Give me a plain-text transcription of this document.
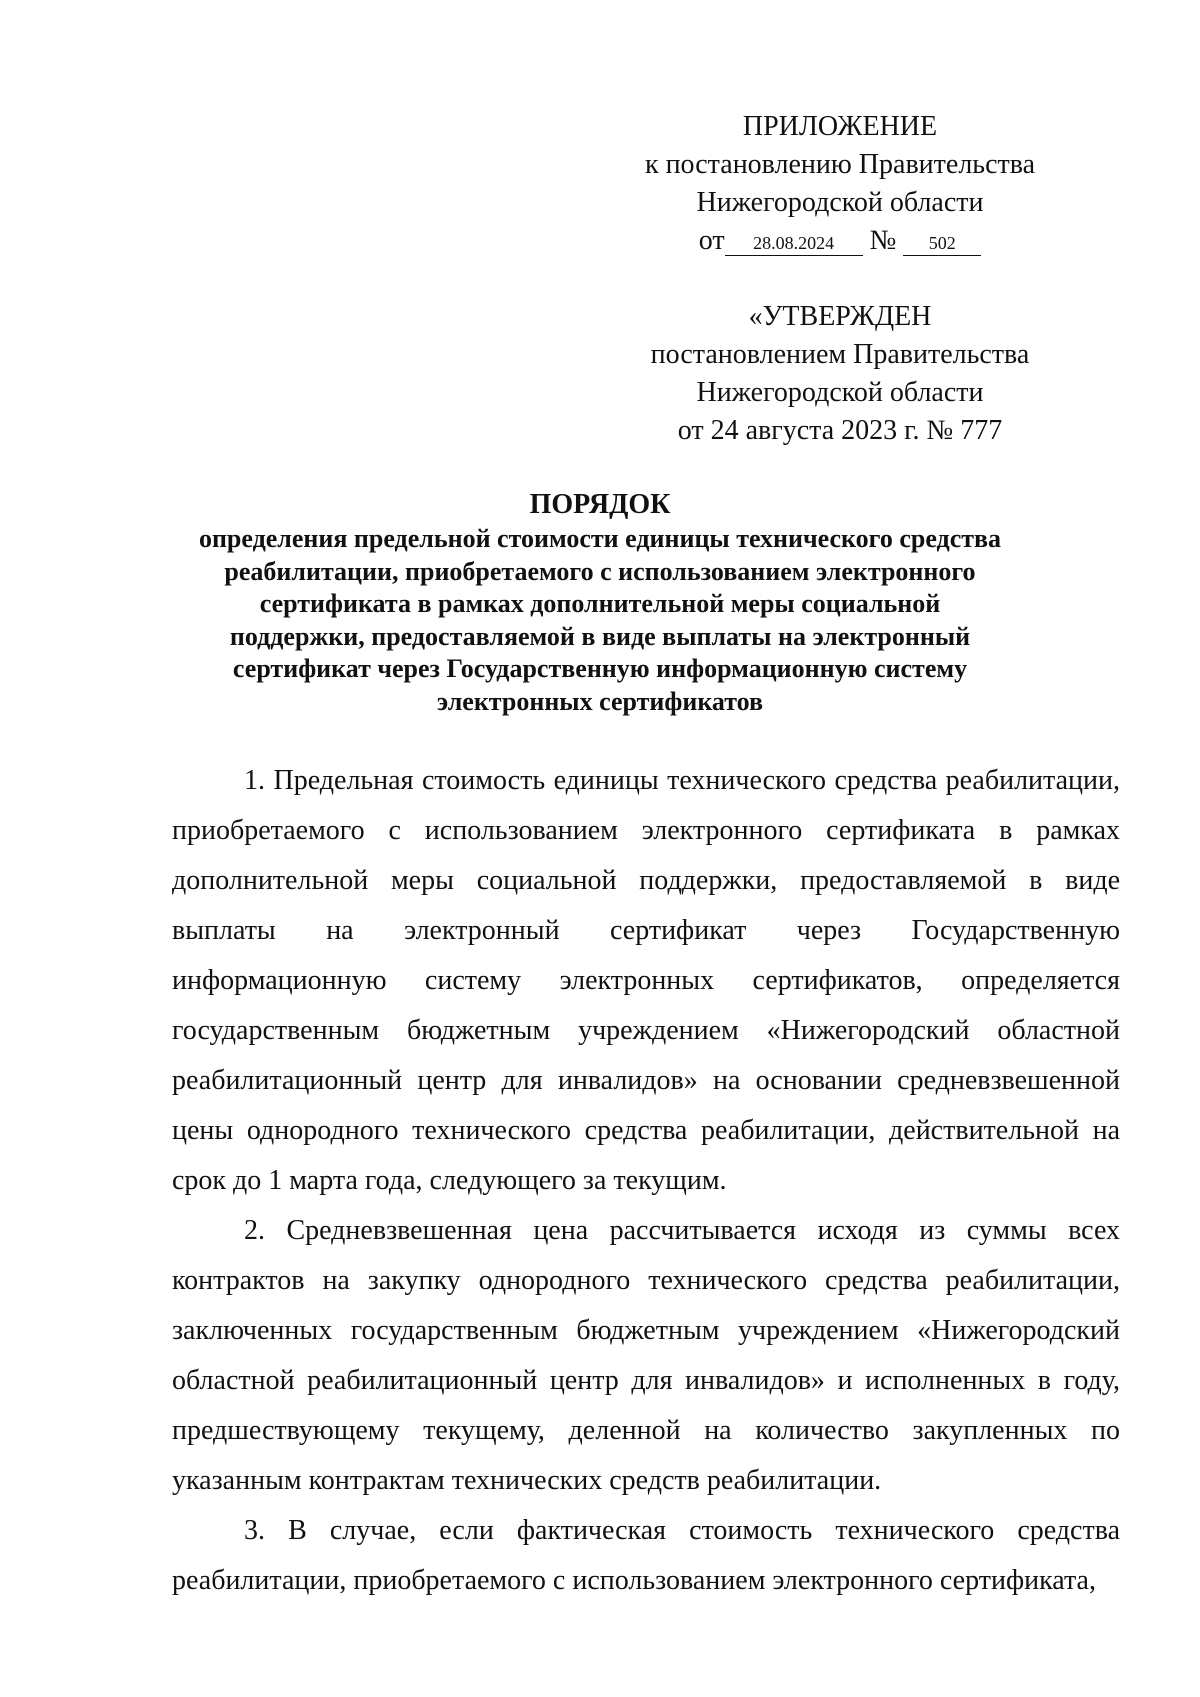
ПРИЛОЖЕНИЕ
к постановлению Правительства
Нижегородской области
от 28.08.2024 № 502
«УТВЕРЖДЕН
постановлением Правительства
Нижегородской области
от 24 августа 2023 г. № 777
ПОРЯДОК
определения предельной стоимости единицы технического средства
реабилитации, приобретаемого с использованием электронного
сертификата в рамках дополнительной меры социальной
поддержки, предоставляемой в виде выплаты на электронный
сертификат через Государственную информационную систему
электронных сертификатов

1. Предельная стоимость единицы технического средства реабилитации, приобретаемого с использованием электронного сертификата в рамках дополнительной меры социальной поддержки, предоставляемой в виде выплаты на электронный сертификат через Государственную информационную систему электронных сертификатов, определяется государственным бюджетным учреждением «Нижегородский областной реабилитационный центр для инвалидов» на основании средневзвешенной цены однородного технического средства реабилитации, действительной на срок до 1 марта года, следующего за текущим.

2. Средневзвешенная цена рассчитывается исходя из суммы всех контрактов на закупку однородного технического средства реабилитации, заключенных государственным бюджетным учреждением «Нижегородский областной реабилитационный центр для инвалидов» и исполненных в году, предшествующему текущему, деленной на количество закупленных по указанным контрактам технических средств реабилитации.

3. В случае, если фактическая стоимость технического средства реабилитации, приобретаемого с использованием электронного сертификата,
